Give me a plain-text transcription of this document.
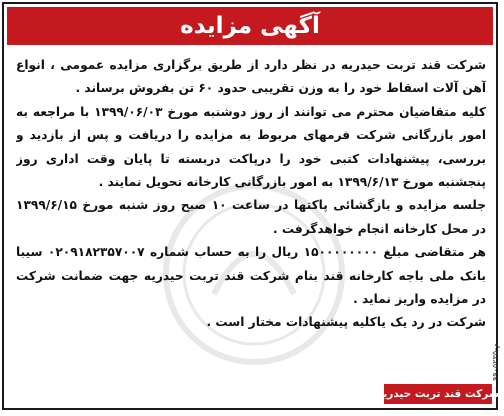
آگهی مزایده

شرکت قند تربت حیدریه در نظر دارد از طریق برگزاری مزایده عمومی ، انواع آهن آلات اسقاط خود را به وزن تقریبی حدود ۶۰ تن بفروش برساند .

کلیه متقاضیان محترم می توانند از روز دوشنبه مورخ ۱۳۹۹/۰۶/۰۳ با مراجعه به امور بازرگانی شرکت فرمهای مربوط به مزایده را دریافت و پس از بازدید و بررسی، پیشنهادات کتبی خود را درپاکت دربسته تا پایان وقت اداری روز پنجشنبه مورخ ۱۳۹۹/۶/۱۳ به امور بازرگانی کارخانه تحویل نمایند .

جلسه مزایده و بازگشائی پاکتها در ساعت ۱۰ صبح روز شنبه مورخ ۱۳۹۹/۶/۱۵ در محل کارخانه انجام خواهدگرفت .

هر متقاضی مبلغ ۱۵۰۰۰۰۰۰۰۰ ریال را به حساب شماره ۰۲۰۹۱۸۲۳۵۷۰۰۷ سیبا بانک ملی باجه کارخانه قند بنام شرکت قند تربت حیدریه جهت ضمانت شرکت در مزایده واریز نماید .

شرکت در رد یک یاکلیه پیشنهادات مختار است .

شرکت قند تربت حیدریه
م-۹۹۰۵۲۳۵
